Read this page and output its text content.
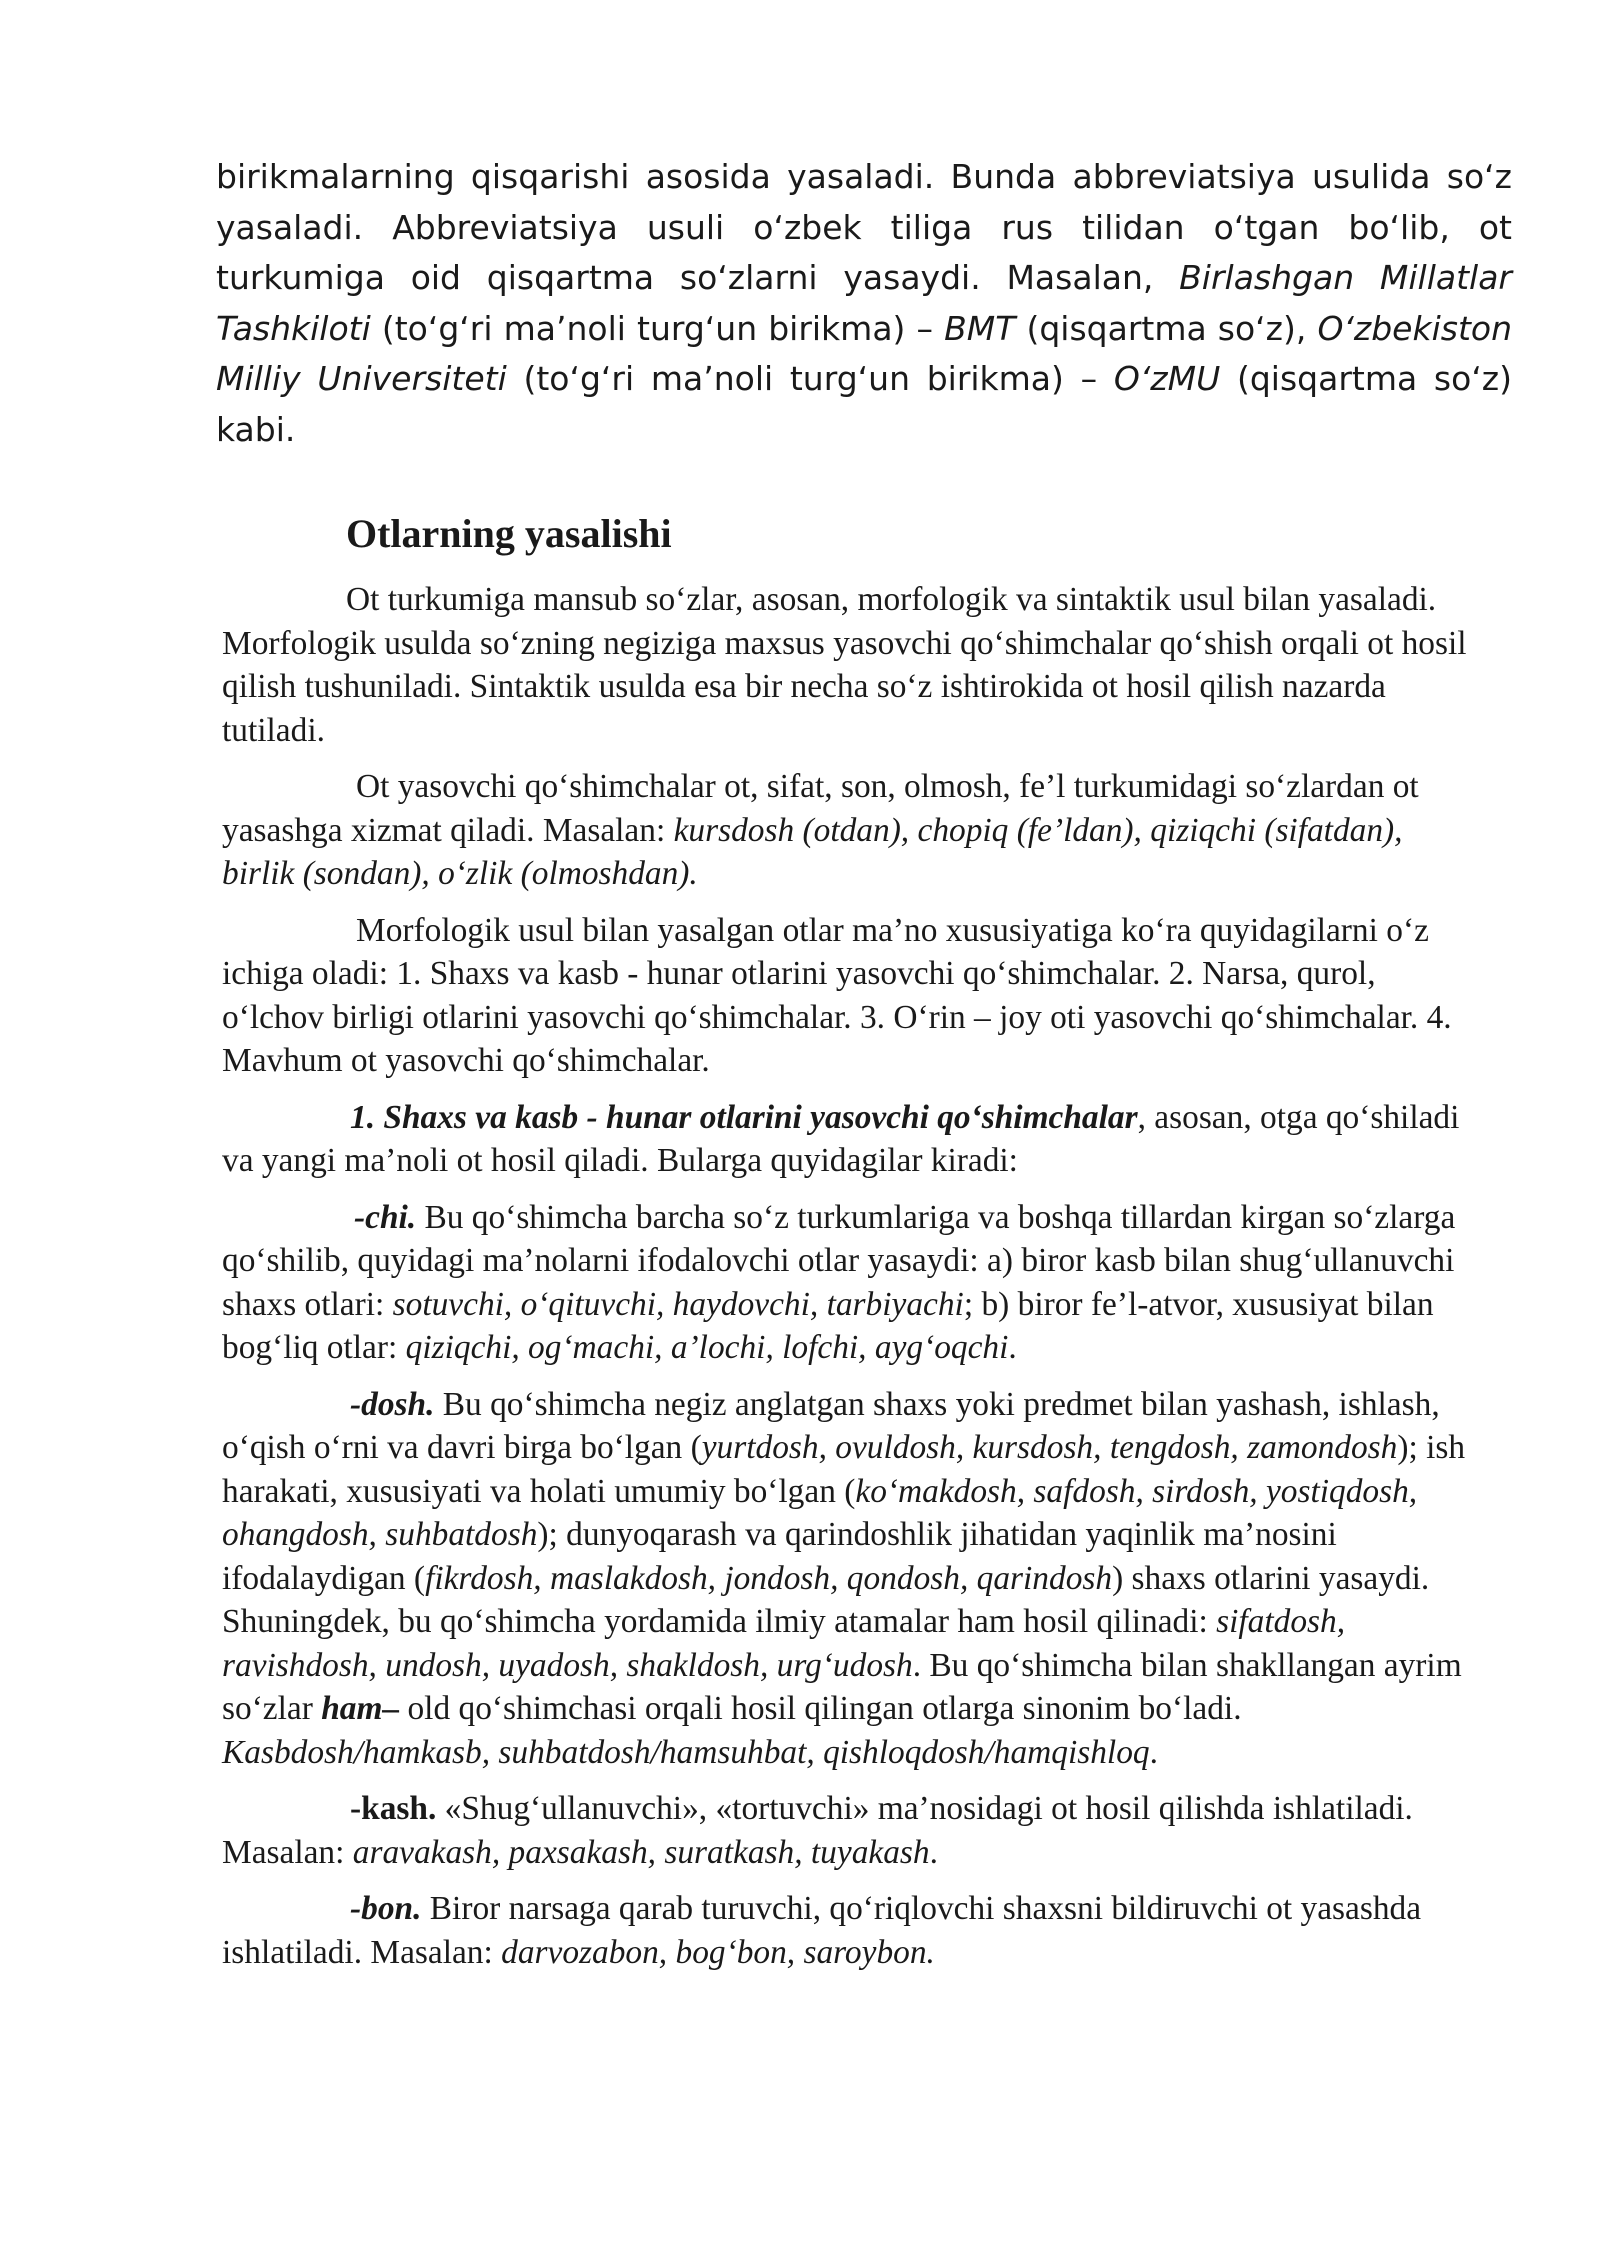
birikmalarning qisqarishi asosida yasaladi. Bunda abbreviatsiya usulida so‘z yasaladi. Abbreviatsiya usuli o‘zbek tiliga rus tilidan o‘tgan bo‘lib, ot turkumiga oid qisqartma so‘zlarni yasaydi. Masalan, Birlashgan Millatlar Tashkiloti (to‘g‘ri ma’noli turg‘un birikma) – BMT (qisqartma so‘z), O‘zbekiston Milliy Universiteti (to‘g‘ri ma’noli turg‘un birikma) – O‘zMU (qisqartma so‘z) kabi.

Otlarning yasalishi

Ot turkumiga mansub so‘zlar, asosan, morfologik va sintaktik usul bilan yasaladi. Morfologik usulda so‘zning negiziga maxsus yasovchi qo‘shimchalar qo‘shish orqali ot hosil qilish tushuniladi. Sintaktik usulda esa bir necha so‘z ishtirokida ot hosil qilish nazarda tutiladi.

Ot yasovchi qo‘shimchalar ot, sifat, son, olmosh, fe’l turkumidagi so‘zlardan ot yasashga xizmat qiladi. Masalan: kursdosh (otdan), chopiq (fe’ldan), qiziqchi (sifatdan), birlik (sondan), o‘zlik (olmoshdan).

Morfologik usul bilan yasalgan otlar ma’no xususiyatiga ko‘ra quyidagilarni o‘z ichiga oladi: 1. Shaxs va kasb - hunar otlarini yasovchi qo‘shimchalar. 2. Narsa, qurol, o‘lchov birligi otlarini yasovchi qo‘shimchalar. 3. O‘rin – joy oti yasovchi qo‘shimchalar. 4. Mavhum ot yasovchi qo‘shimchalar.

1. Shaxs va kasb - hunar otlarini yasovchi qo‘shimchalar, asosan, otga qo‘shiladi va yangi ma’noli ot hosil qiladi. Bularga quyidagilar kiradi:

-chi. Bu qo‘shimcha barcha so‘z turkumlariga va boshqa tillardan kirgan so‘zlarga qo‘shilib, quyidagi ma’nolarni ifodalovchi otlar yasaydi: a) biror kasb bilan shug‘ullanuvchi shaxs otlari: sotuvchi, o‘qituvchi, haydovchi, tarbiyachi; b) biror fe’l-atvor, xususiyat bilan bog‘liq otlar: qiziqchi, og‘machi, a’lochi, lofchi, ayg‘oqchi.

-dosh. Bu qo‘shimcha negiz anglatgan shaxs yoki predmet bilan yashash, ishlash, o‘qish o‘rni va davri birga bo‘lgan (yurtdosh, ovuldosh, kursdosh, tengdosh, zamondosh); ish harakati, xususiyati va holati umumiy bo‘lgan (ko‘makdosh, safdosh, sirdosh, yostiqdosh, ohangdosh, suhbatdosh); dunyoqarash va qarindoshlik jihatidan yaqinlik ma’nosini ifodalaydigan (fikrdosh, maslakdosh, jondosh, qondosh, qarindosh) shaxs otlarini yasaydi. Shuningdek, bu qo‘shimcha yordamida ilmiy atamalar ham hosil qilinadi: sifatdosh, ravishdosh, undosh, uyadosh, shakldosh, urg‘udosh. Bu qo‘shimcha bilan shakllangan ayrim so‘zlar ham– old qo‘shimchasi orqali hosil qilingan otlarga sinonim bo‘ladi. Kasbdosh/hamkasb, suhbatdosh/hamsuhbat, qishloqdosh/hamqishloq.

-kash. «Shug‘ullanuvchi», «tortuvchi» ma’nosidagi ot hosil qilishda ishlatiladi. Masalan: aravakash, paxsakash, suratkash, tuyakash.

-bon. Biror narsaga qarab turuvchi, qo‘riqlovchi shaxsni bildiruvchi ot yasashda ishlatiladi. Masalan: darvozabon, bog‘bon, saroybon.
